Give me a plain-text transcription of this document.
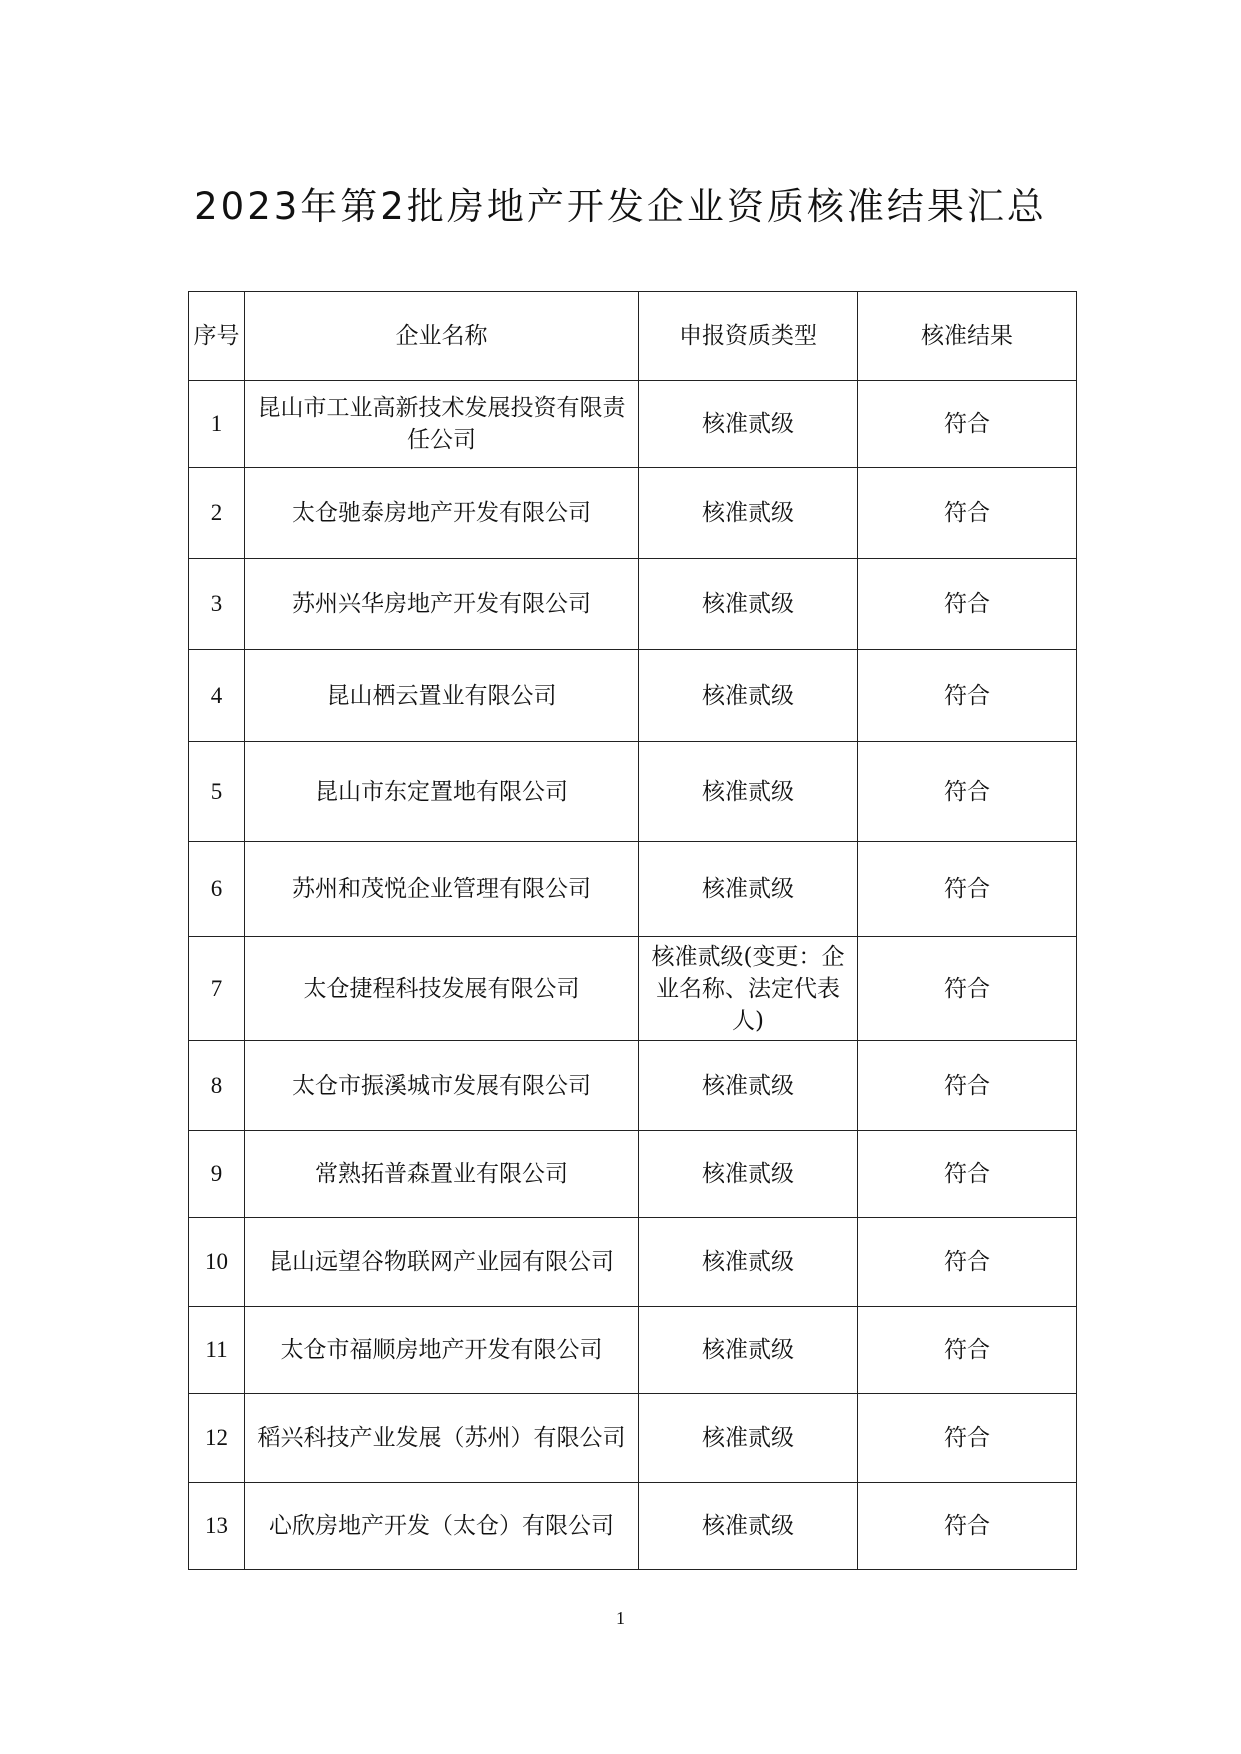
2023年第2批房地产开发企业资质核准结果汇总
序号	企业名称	申报资质类型	核准结果
1	昆山市工业高新技术发展投资有限责任公司	核准贰级	符合
2	太仓驰泰房地产开发有限公司	核准贰级	符合
3	苏州兴华房地产开发有限公司	核准贰级	符合
4	昆山栖云置业有限公司	核准贰级	符合
5	昆山市东定置地有限公司	核准贰级	符合
6	苏州和茂悦企业管理有限公司	核准贰级	符合
7	太仓捷程科技发展有限公司	核准贰级(变更：企业名称、法定代表人)	符合
8	太仓市振溪城市发展有限公司	核准贰级	符合
9	常熟拓普森置业有限公司	核准贰级	符合
10	昆山远望谷物联网产业园有限公司	核准贰级	符合
11	太仓市福顺房地产开发有限公司	核准贰级	符合
12	稻兴科技产业发展（苏州）有限公司	核准贰级	符合
13	心欣房地产开发（太仓）有限公司	核准贰级	符合
1
